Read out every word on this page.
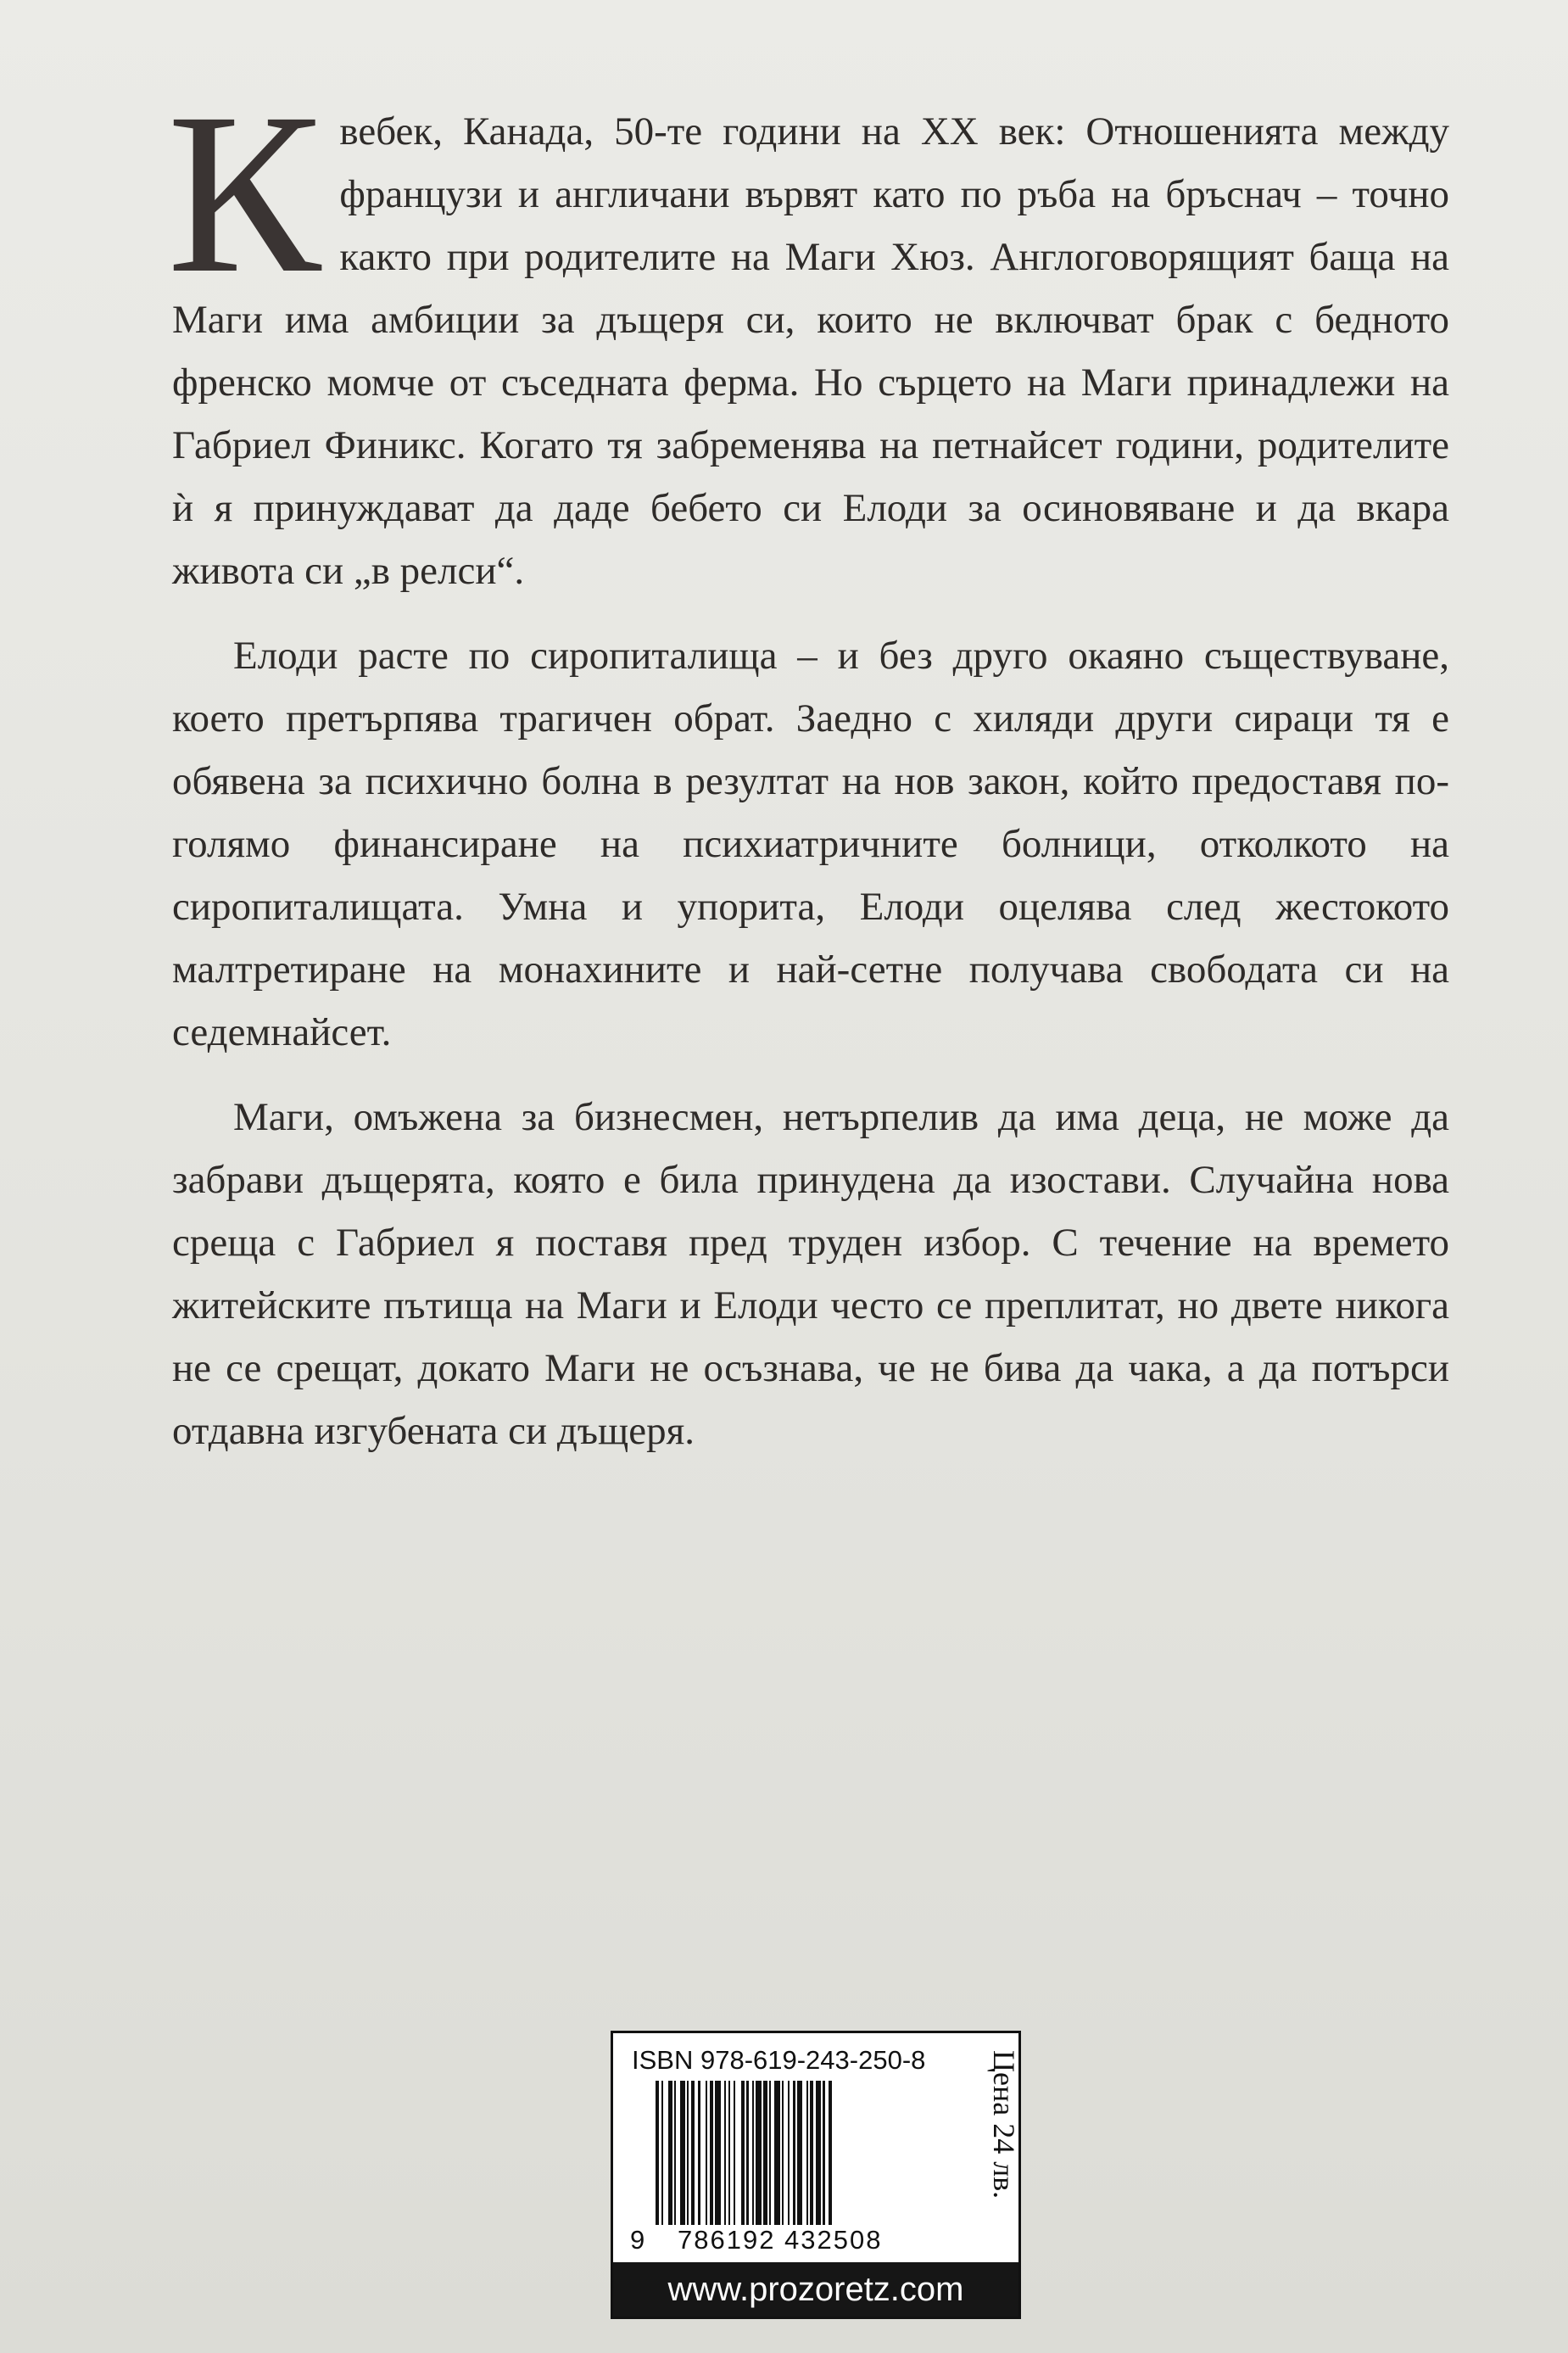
Квебек, Канада, 50-те години на XX век: Отношенията между французи и англичани вървят като по ръба на бръснач – точно както при родителите на Маги Хюз. Англоговорящият баща на Маги има амбиции за дъщеря си, които не включват брак с бедното френско момче от съседната ферма. Но сърцето на Маги принадлежи на Габриел Финикс. Когато тя забременява на петнайсет години, родителите ѝ я принуждават да даде бебето си Елоди за осиновяване и да вкара живота си „в релси“.

Елоди расте по сиропиталища – и без друго окаяно съществуване, което претърпява трагичен обрат. Заедно с хиляди други сираци тя е обявена за психично болна в резултат на нов закон, който предоставя по-голямо финансиране на психиатричните болници, отколкото на сиропиталищата. Умна и упорита, Елоди оцелява след жестокото малтретиране на монахините и най-сетне получава свободата си на седемнайсет.

Маги, омъжена за бизнесмен, нетърпелив да има деца, не може да забрави дъщерята, която е била принудена да изостави. Случайна нова среща с Габриел я поставя пред труден избор. С течение на времето житейските пътища на Маги и Елоди често се преплитат, но двете никога не се срещат, докато Маги не осъзнава, че не бива да чака, а да потърси отдавна изгубената си дъщеря.

ISBN 978-619-243-250-8
9 786192 432508
Цена 24 лв.
www.prozoretz.com
